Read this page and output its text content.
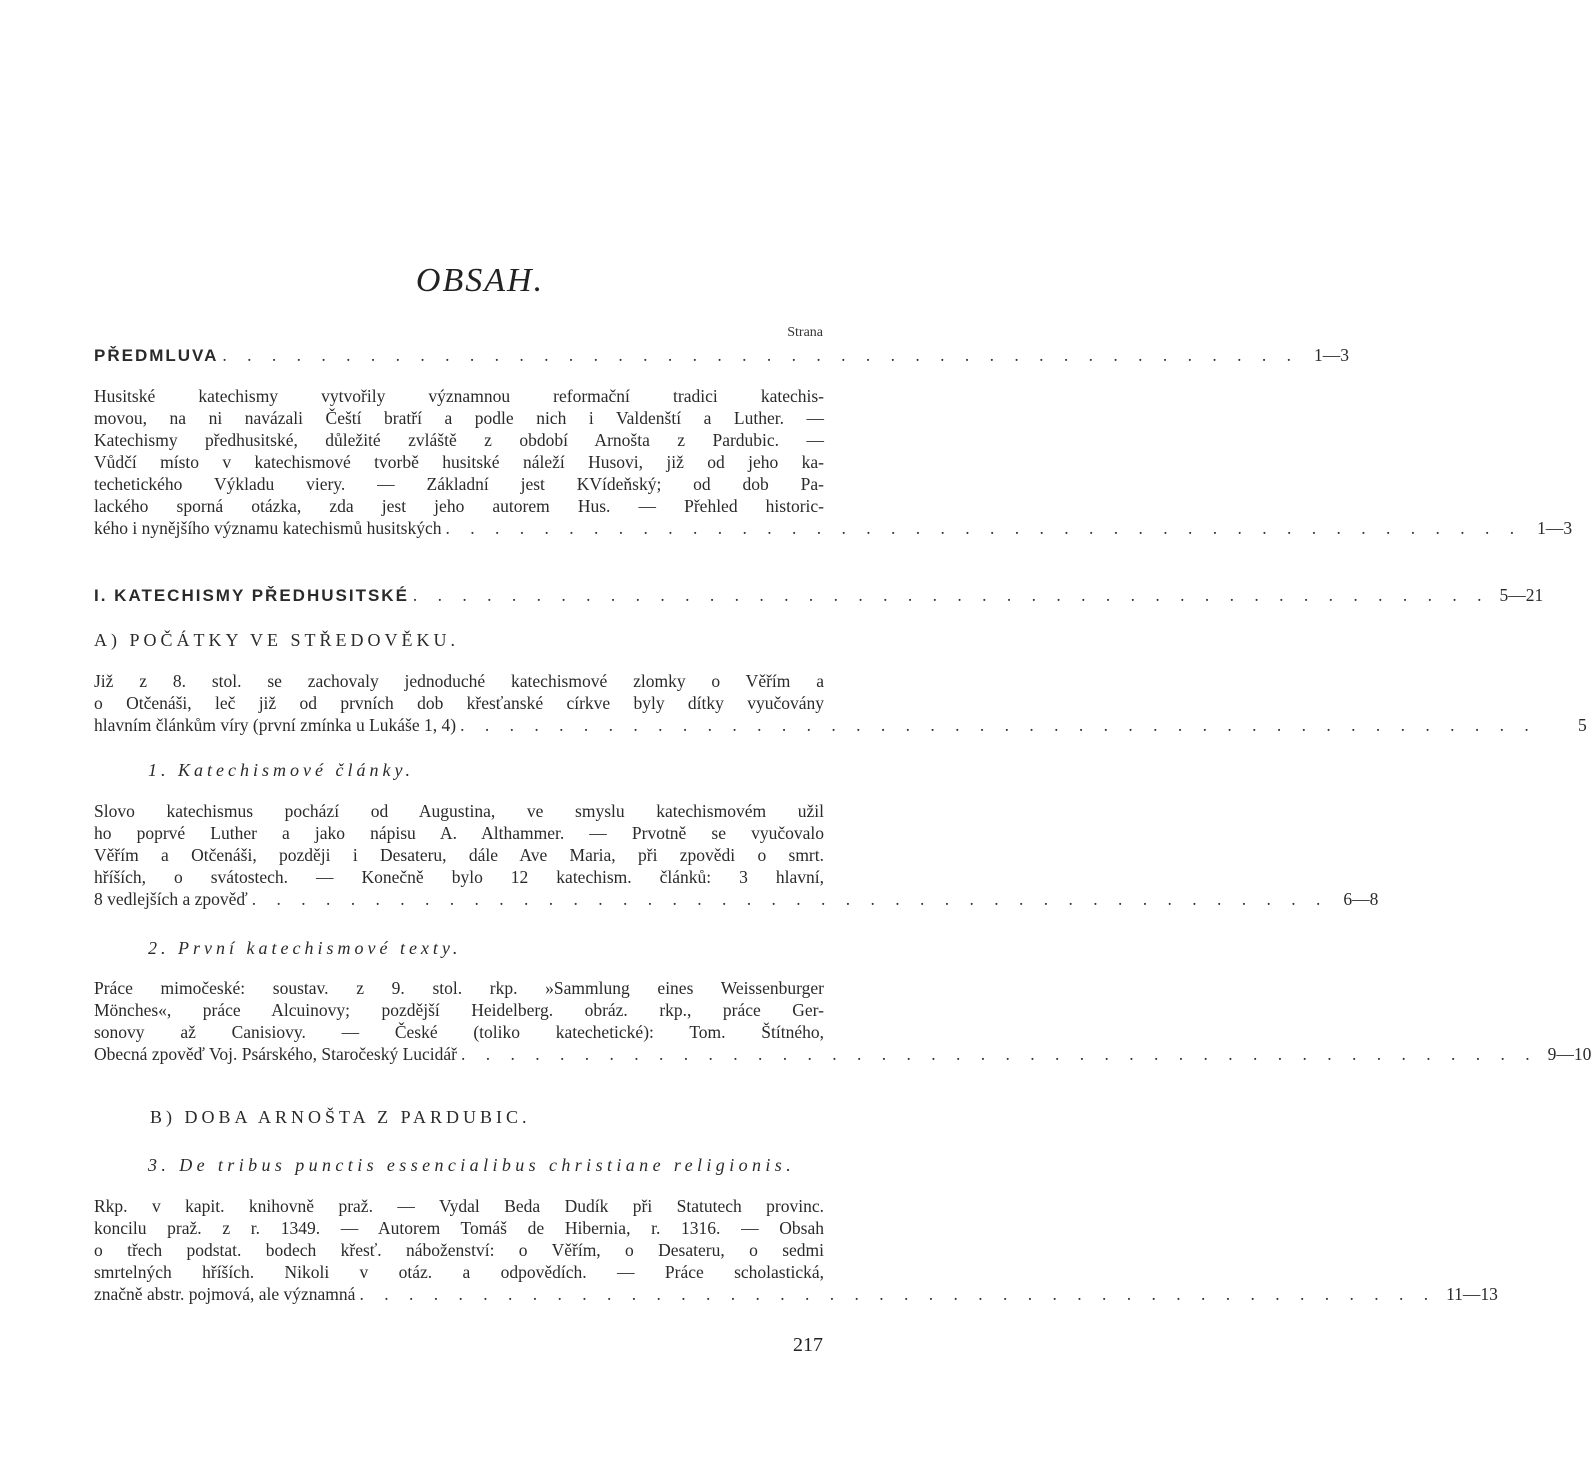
OBSAH.
Strana
PŘEDMLUVA . . . . . . . . . . . . . . . . . . . . . . . . . . . . . . . . . . . . . . . . . . . . 1—3
Husitské katechismy vytvořily významnou reformační tradici katechis-
movou, na ni navázali Čeští bratří a podle nich i Valdenští a Luther. —
Katechismy předhusitské, důležité zvláště z období Arnošta z Pardubic. —
Vůdčí místo v katechismové tvorbě husitské náleží Husovi, již od jeho ka-
techetického Výkladu viery. — Základní jest KVídeňský; od dob Pa-
lackého sporná otázka, zda jest jeho autorem Hus. — Přehled historic-
kého i nynějšího významu katechismů husitských . . . . . . . . . . . . . . . . . . . . . . . . . . . . . . . . . . . . . . . . . . . . 1—3
I. KATECHISMY PŘEDHUSITSKÉ . . . . . . . . . . . . . . . . . . . . . . . . . . . . . . . . . . . . . . . . . . . . 5—21
A) POČÁTKY VE STŘEDOVĚKU.
Již z 8. stol. se zachovaly jednoduché katechismové zlomky o Věřím a
o Otčenáši, leč již od prvních dob křesťanské církve byly dítky vyučovány
hlavním článkům víry (první zmínka u Lukáše 1, 4) . . . . . . . . . . . . . . . . . . . . . . . . . . . . . . . . . . . . . . . . . . . .	5
1. Katechismové články.
Slovo katechismus pochází od Augustina, ve smyslu katechismovém užil
ho poprvé Luther a jako nápisu A. Althammer. — Prvotně se vyučovalo
Věřím a Otčenáši, později i Desateru, dále Ave Maria, při zpovědi o smrt.
hříších, o svátostech. — Konečně bylo 12 katechism. článků: 3 hlavní,
8 vedlejších a zpověď . . . . . . . . . . . . . . . . . . . . . . . . . . . . . . . . . . . . . . . . . . . . 6—8
2. První katechismové texty.
Práce mimočeské: soustav. z 9. stol. rkp. »Sammlung eines Weissenburger
Mönches«, práce Alcuinovy; pozdější Heidelberg. obráz. rkp., práce Ger-
sonovy až Canisiovy. — České (toliko katechetické): Tom. Štítného,
Obecná zpověď Voj. Psárského, Staročeský Lucidář . . . . . . . . . . . . . . . . . . . . . . . . . . . . . . . . . . . . . . . . . . . . 9—10
B) DOBA ARNOŠTA Z PARDUBIC.
3. De tribus punctis essencialibus christiane religionis.
Rkp. v kapit. knihovně praž. — Vydal Beda Dudík při Statutech provinc.
koncilu praž. z r. 1349. — Autorem Tomáš de Hibernia, r. 1316. — Obsah
o třech podstat. bodech křesť. náboženství: o Věřím, o Desateru, o sedmi
smrtelných hříších. Nikoli v otáz. a odpovědích. — Práce scholastická,
značně abstr. pojmová, ale významná . . . . . . . . . . . . . . . . . . . . . . . . . . . . . . . . . . . . . . . . . . . . 11—13
217
